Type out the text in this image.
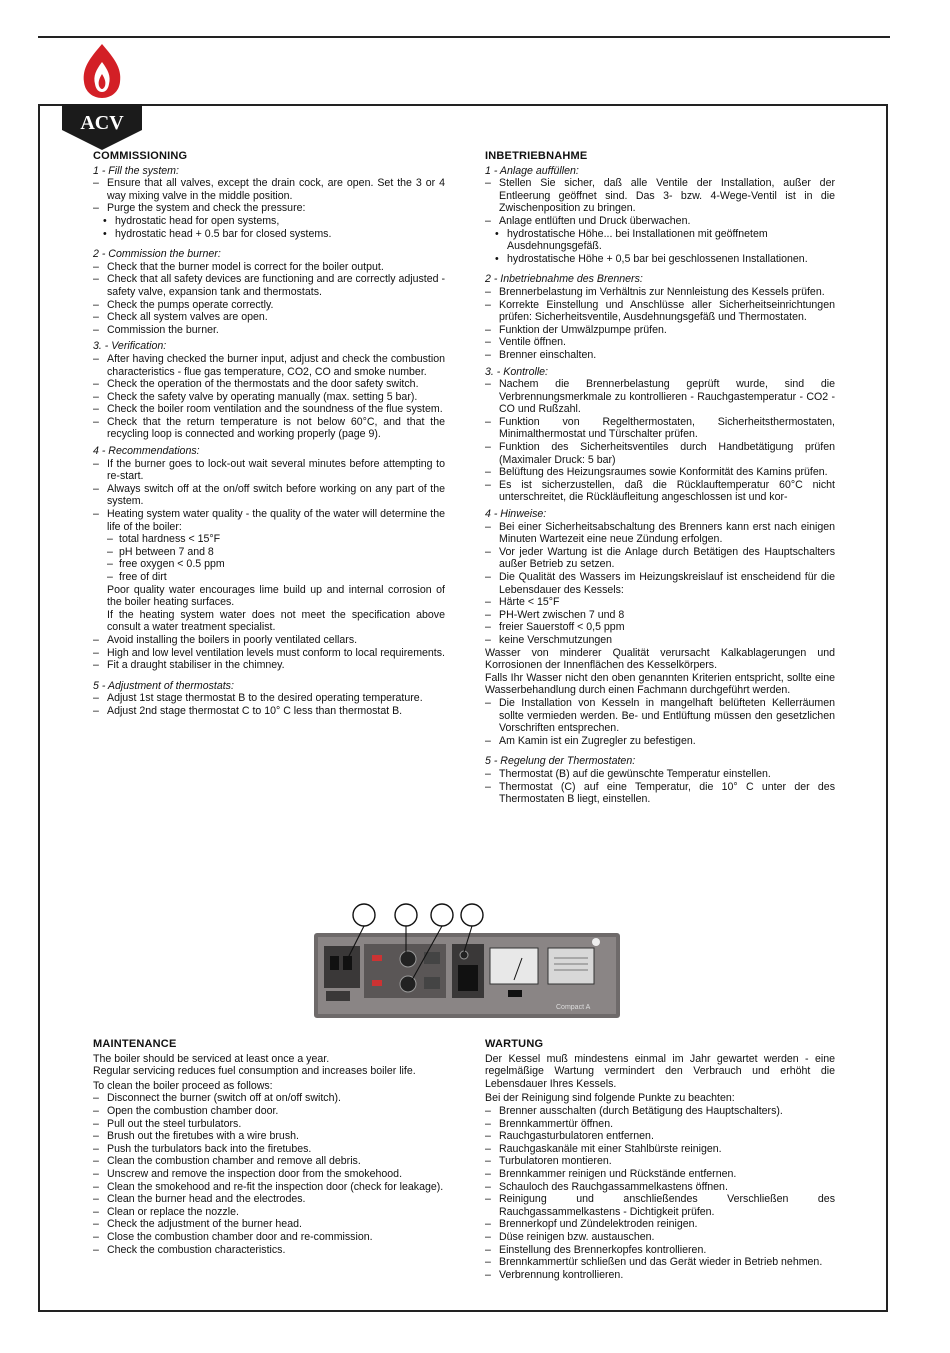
ACV
COMMISSIONING
1 - Fill the system:
– Ensure that all valves, except the drain cock, are open. Set the 3 or 4 way mixing valve in the middle position.
– Purge the system and check the pressure:
• hydrostatic head for open systems,
• hydrostatic head + 0.5 bar for closed systems.
2 - Commission the burner:
– Check that the burner model is correct for the boiler output.
– Check that all safety devices are functioning and are correctly adjusted - safety valve, expansion tank and thermostats.
– Check the pumps operate correctly.
– Check all system valves are open.
– Commission the burner.
3. - Verification:
– After having checked the burner input, adjust and check the combustion characteristics - flue gas temperature, CO2, CO and smoke number.
– Check the operation of the thermostats and the door safety switch.
– Check the safety valve by operating manually (max. setting 5 bar).
– Check the boiler room ventilation and the soundness of the flue system.
– Check that the return temperature is not below 60°C, and that the recycling loop is connected and working properly (page 9).
4 - Recommendations:
– If the burner goes to lock-out wait several minutes before attempting to re-start.
– Always switch off at the on/off switch before working on any part of the system.
– Heating system water quality - the quality of the water will determine the life of the boiler:
– total hardness < 15°F
– pH between 7 and 8
– free oxygen < 0.5 ppm
– free of dirt
Poor quality water encourages lime build up and internal corrosion of the boiler heating surfaces.
If the heating system water does not meet the specification above consult a water treatment specialist.
– Avoid installing the boilers in poorly ventilated cellars.
– High and low level ventilation levels must conform to local requirements.
– Fit a draught stabiliser in the chimney.
5 - Adjustment of thermostats:
– Adjust 1st stage thermostat B to the desired operating temperature.
– Adjust 2nd stage thermostat C to 10° C less than thermostat B.
INBETRIEBNAHME
1 - Anlage auffüllen:
– Stellen Sie sicher, daß alle Ventile der Installation, außer der Entleerung geöffnet sind. Das 3- bzw. 4-Wege-Ventil ist in die Zwischenposition zu bringen.
– Anlage entlüften und Druck überwachen.
• hydrostatische Höhe... bei Installationen mit geöffnetem Ausdehnungsgefäß.
• hydrostatische Höhe + 0,5 bar bei geschlossenen Installationen.
2 - Inbetriebnahme des Brenners:
– Brennerbelastung im Verhältnis zur Nennleistung des Kessels prüfen.
– Korrekte Einstellung und Anschlüsse aller Sicherheitseinrichtungen prüfen: Sicherheitsventile, Ausdehnungsgefäß und Thermostaten.
– Funktion der Umwälzpumpe prüfen.
– Ventile öffnen.
– Brenner einschalten.
3. - Kontrolle:
– Nachem die Brennerbelastung geprüft wurde, sind die Verbrennungsmerkmale zu kontrollieren - Rauchgastemperatur - CO2 - CO und Rußzahl.
– Funktion von Regelthermostaten, Sicherheitsthermostaten, Minimalthermostat und Türschalter prüfen.
– Funktion des Sicherheitsventiles durch Handbetätigung prüfen (Maximaler Druck: 5 bar)
– Belüftung des Heizungsraumes sowie Konformität des Kamins prüfen.
– Es ist sicherzustellen, daß die Rücklauftemperatur 60°C nicht unterschreitet, die Rückläufleitung angeschlossen ist und kor-
4 - Hinweise:
– Bei einer Sicherheitsabschaltung des Brenners kann erst nach einigen Minuten Wartezeit eine neue Zündung erfolgen.
– Vor jeder Wartung ist die Anlage durch Betätigen des Hauptschalters außer Betrieb zu setzen.
– Die Qualität des Wassers im Heizungskreislauf ist enscheidend für die Lebensdauer des Kessels:
– Härte < 15°F
– PH-Wert zwischen 7 und 8
– freier Sauerstoff < 0,5 ppm
– keine Verschmutzungen
Wasser von minderer Qualität verursacht Kalkablagerungen und Korrosionen der Innenflächen des Kesselkörpers.
Falls Ihr Wasser nicht den oben genannten Kriterien entspricht, sollte eine Wasserbehandlung durch einen Fachmann durchgeführt werden.
– Die Installation von Kesseln in mangelhaft belüfteten Kellerräumen sollte vermieden werden. Be- und Entlüftung müssen den gesetzlichen Vorschriften entsprechen.
– Am Kamin ist ein Zugregler zu befestigen.
5 - Regelung der Thermostaten:
– Thermostat (B) auf die gewünschte Temperatur einstellen.
– Thermostat (C) auf eine Temperatur, die 10° C unter der des Thermostaten B liegt, einstellen.
Compact A
MAINTENANCE
The boiler should be serviced at least once a year.
Regular servicing reduces fuel consumption and increases boiler life.
To clean the boiler proceed as follows:
– Disconnect the burner (switch off at on/off switch).
– Open the combustion chamber door.
– Pull out the steel turbulators.
– Brush out the firetubes with a wire brush.
– Push the turbulators back into the firetubes.
– Clean the combustion chamber and remove all debris.
– Unscrew and remove the inspection door from the smokehood.
– Clean the smokehood and re-fit the inspection door (check for leakage).
– Clean the burner head and the electrodes.
– Clean or replace the nozzle.
– Check the adjustment of the burner head.
– Close the combustion chamber door and re-commission.
– Check the combustion characteristics.
WARTUNG
Der Kessel muß mindestens einmal im Jahr gewartet werden - eine regelmäßige Wartung vermindert den Verbrauch und erhöht die Lebensdauer Ihres Kessels.
Bei der Reinigung sind folgende Punkte zu beachten:
– Brenner ausschalten (durch Betätigung des Hauptschalters).
– Brennkammertür öffnen.
– Rauchgasturbulatoren entfernen.
– Rauchgaskanäle mit einer Stahlbürste reinigen.
– Turbulatoren montieren.
– Brennkammer reinigen und Rückstände entfernen.
– Schauloch des Rauchgassammelkastens öffnen.
– Reinigung und anschließendes Verschließen des Rauchgassammelkastens - Dichtigkeit prüfen.
– Brennerkopf und Zündelektroden reinigen.
– Düse reinigen bzw. austauschen.
– Einstellung des Brennerkopfes kontrollieren.
– Brennkammertür schließen und das Gerät wieder in Betrieb nehmen.
– Verbrennung kontrollieren.
